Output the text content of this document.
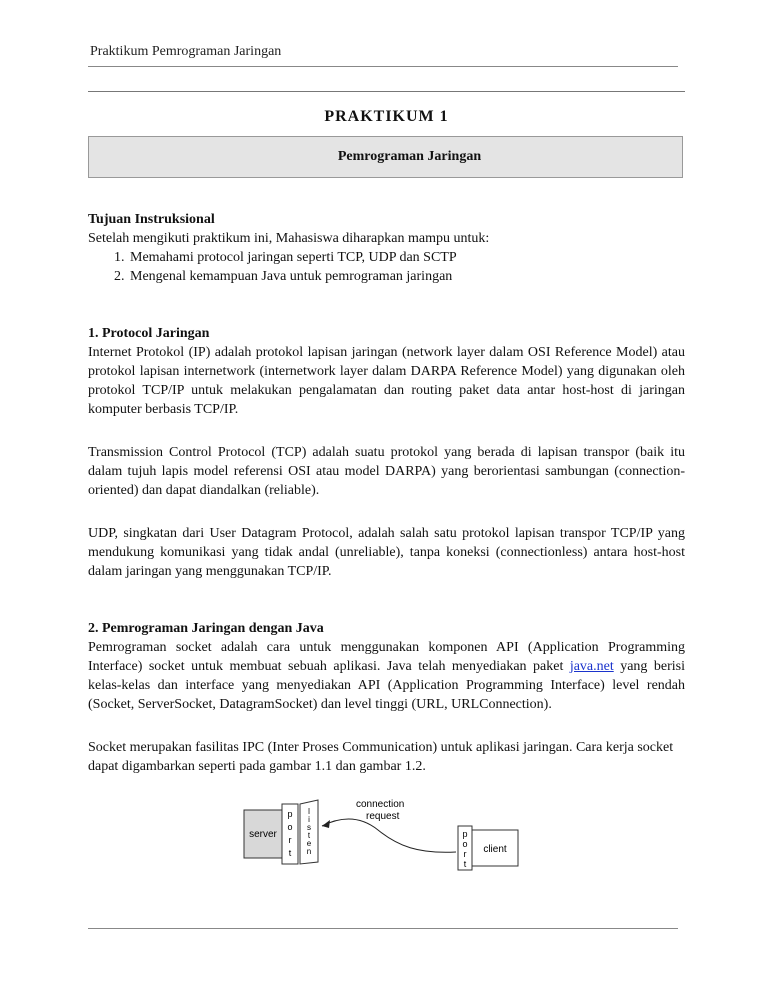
Praktikum Pemrograman Jaringan
PRAKTIKUM 1
Pemrograman Jaringan

Tujuan Instruksional

Setelah mengikuti praktikum ini, Mahasiswa diharapkan mampu untuk:

1. Memahami protocol jaringan seperti TCP, UDP dan SCTP
2. Mengenal kemampuan Java untuk pemrograman jaringan

1. Protocol Jaringan

Internet Protokol (IP) adalah protokol lapisan jaringan (network layer dalam OSI Reference Model) atau protokol lapisan internetwork (internetwork layer dalam DARPA Reference Model) yang digunakan oleh protokol TCP/IP untuk melakukan pengalamatan dan routing paket data antar host-host di jaringan komputer berbasis TCP/IP.

Transmission Control Protocol (TCP) adalah suatu protokol yang berada di lapisan transpor (baik itu dalam tujuh lapis model referensi OSI atau model DARPA) yang berorientasi sambungan (connection-oriented) dan dapat diandalkan (reliable).

UDP, singkatan dari User Datagram Protocol, adalah salah satu protokol lapisan transpor TCP/IP yang mendukung komunikasi yang tidak andal (unreliable), tanpa koneksi (connectionless) antara host-host dalam jaringan yang menggunakan TCP/IP.

2. Pemrograman Jaringan dengan Java

Pemrograman socket adalah cara untuk menggunakan komponen API (Application Programming Interface) socket untuk membuat sebuah aplikasi. Java telah menyediakan paket java.net yang berisi kelas-kelas dan interface yang menyediakan API (Application Programming Interface) level rendah (Socket, ServerSocket, DatagramSocket) dan level tinggi (URL, URLConnection).

Socket merupakan fasilitas IPC (Inter Proses Communication) untuk aplikasi jaringan. Cara kerja socket dapat digambarkan seperti pada gambar 1.1 dan gambar 1.2.

server
p
o
r
t
l
i
s
t
e
n
connection
request
p
o
r
t
client
